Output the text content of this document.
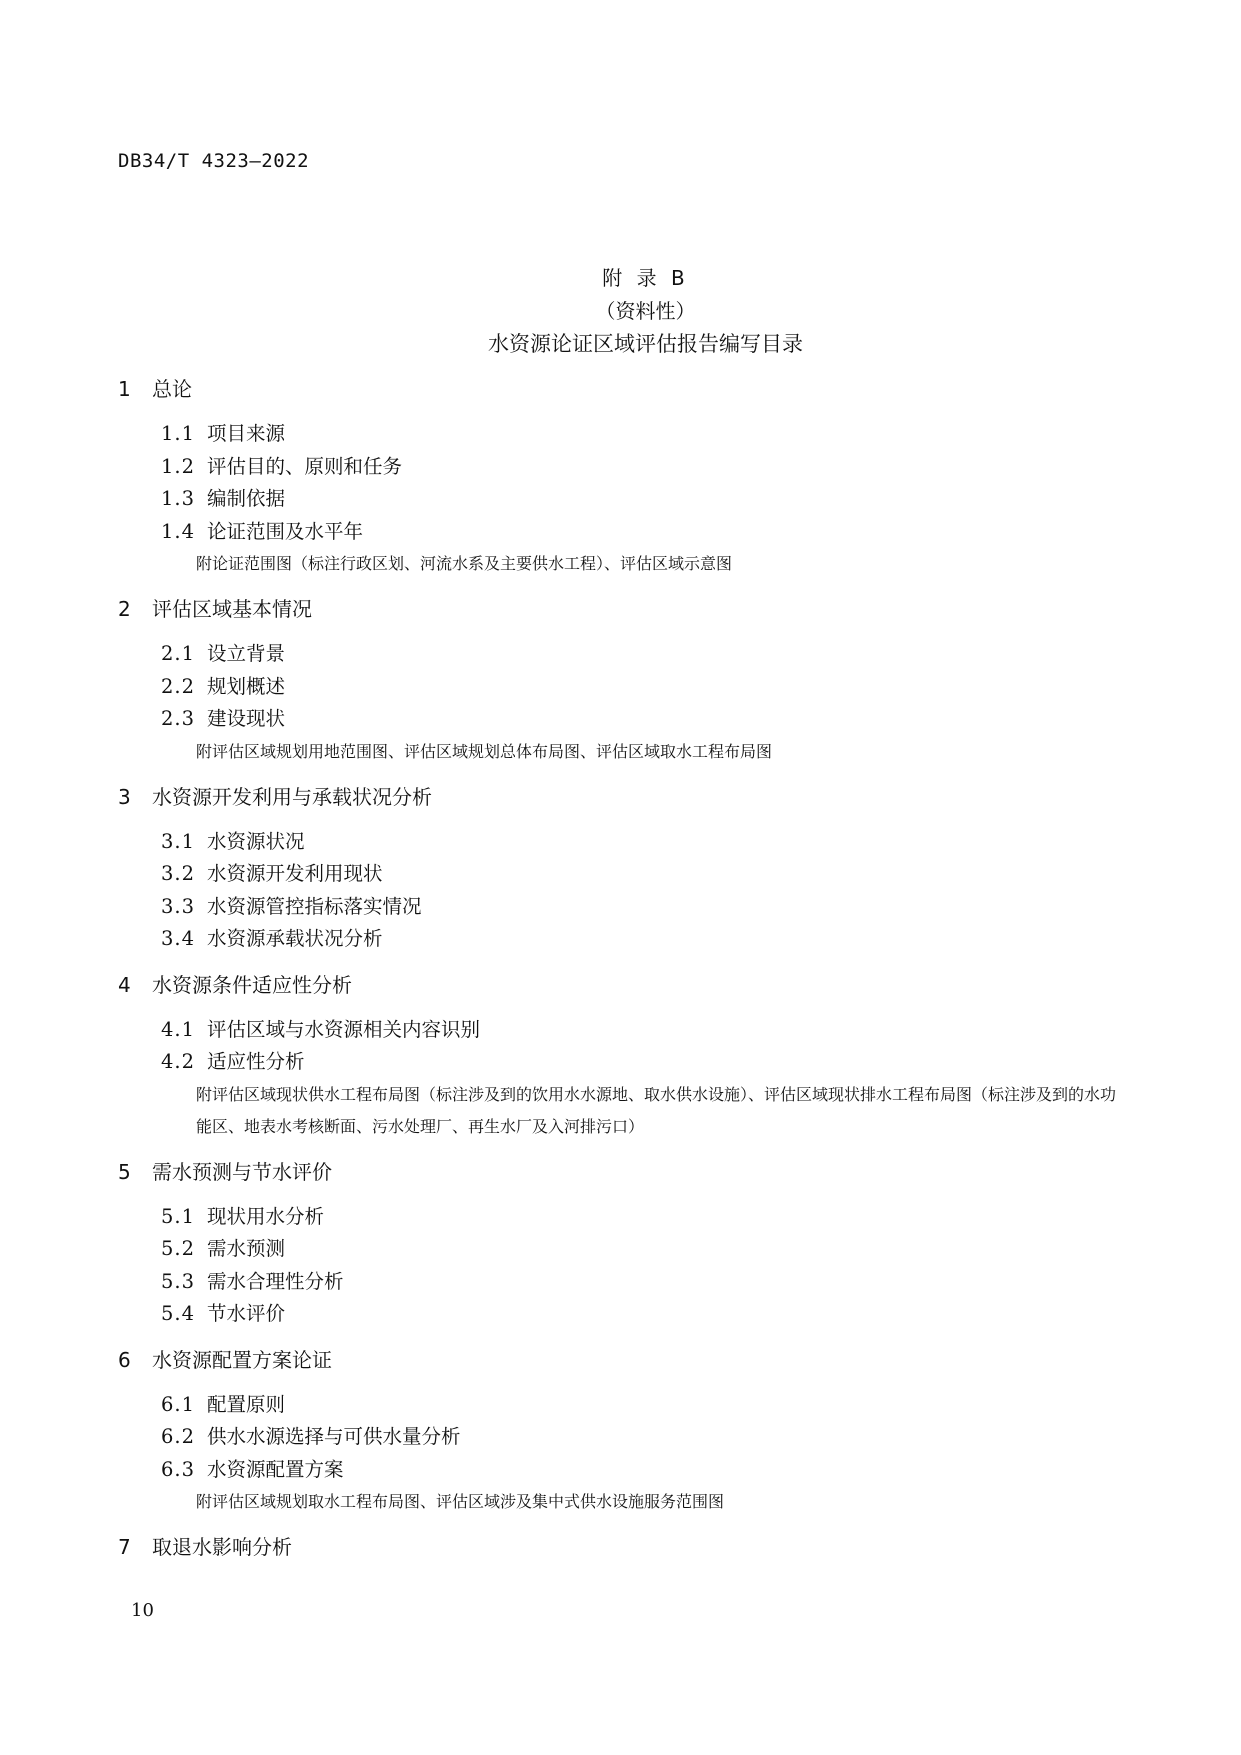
DB34/T 4323—2022
附 录 B
（资料性）
水资源论证区域评估报告编写目录
1 总论
1.1 项目来源
1.2 评估目的、原则和任务
1.3 编制依据
1.4 论证范围及水平年
附论证范围图（标注行政区划、河流水系及主要供水工程）、评估区域示意图
2 评估区域基本情况
2.1 设立背景
2.2 规划概述
2.3 建设现状
附评估区域规划用地范围图、评估区域规划总体布局图、评估区域取水工程布局图
3 水资源开发利用与承载状况分析
3.1 水资源状况
3.2 水资源开发利用现状
3.3 水资源管控指标落实情况
3.4 水资源承载状况分析
4 水资源条件适应性分析
4.1 评估区域与水资源相关内容识别
4.2 适应性分析
附评估区域现状供水工程布局图（标注涉及到的饮用水水源地、取水供水设施）、评估区域现状排水工程布局图（标注涉及到的水功能区、地表水考核断面、污水处理厂、再生水厂及入河排污口）
5 需水预测与节水评价
5.1 现状用水分析
5.2 需水预测
5.3 需水合理性分析
5.4 节水评价
6 水资源配置方案论证
6.1 配置原则
6.2 供水水源选择与可供水量分析
6.3 水资源配置方案
附评估区域规划取水工程布局图、评估区域涉及集中式供水设施服务范围图
7 取退水影响分析
10
